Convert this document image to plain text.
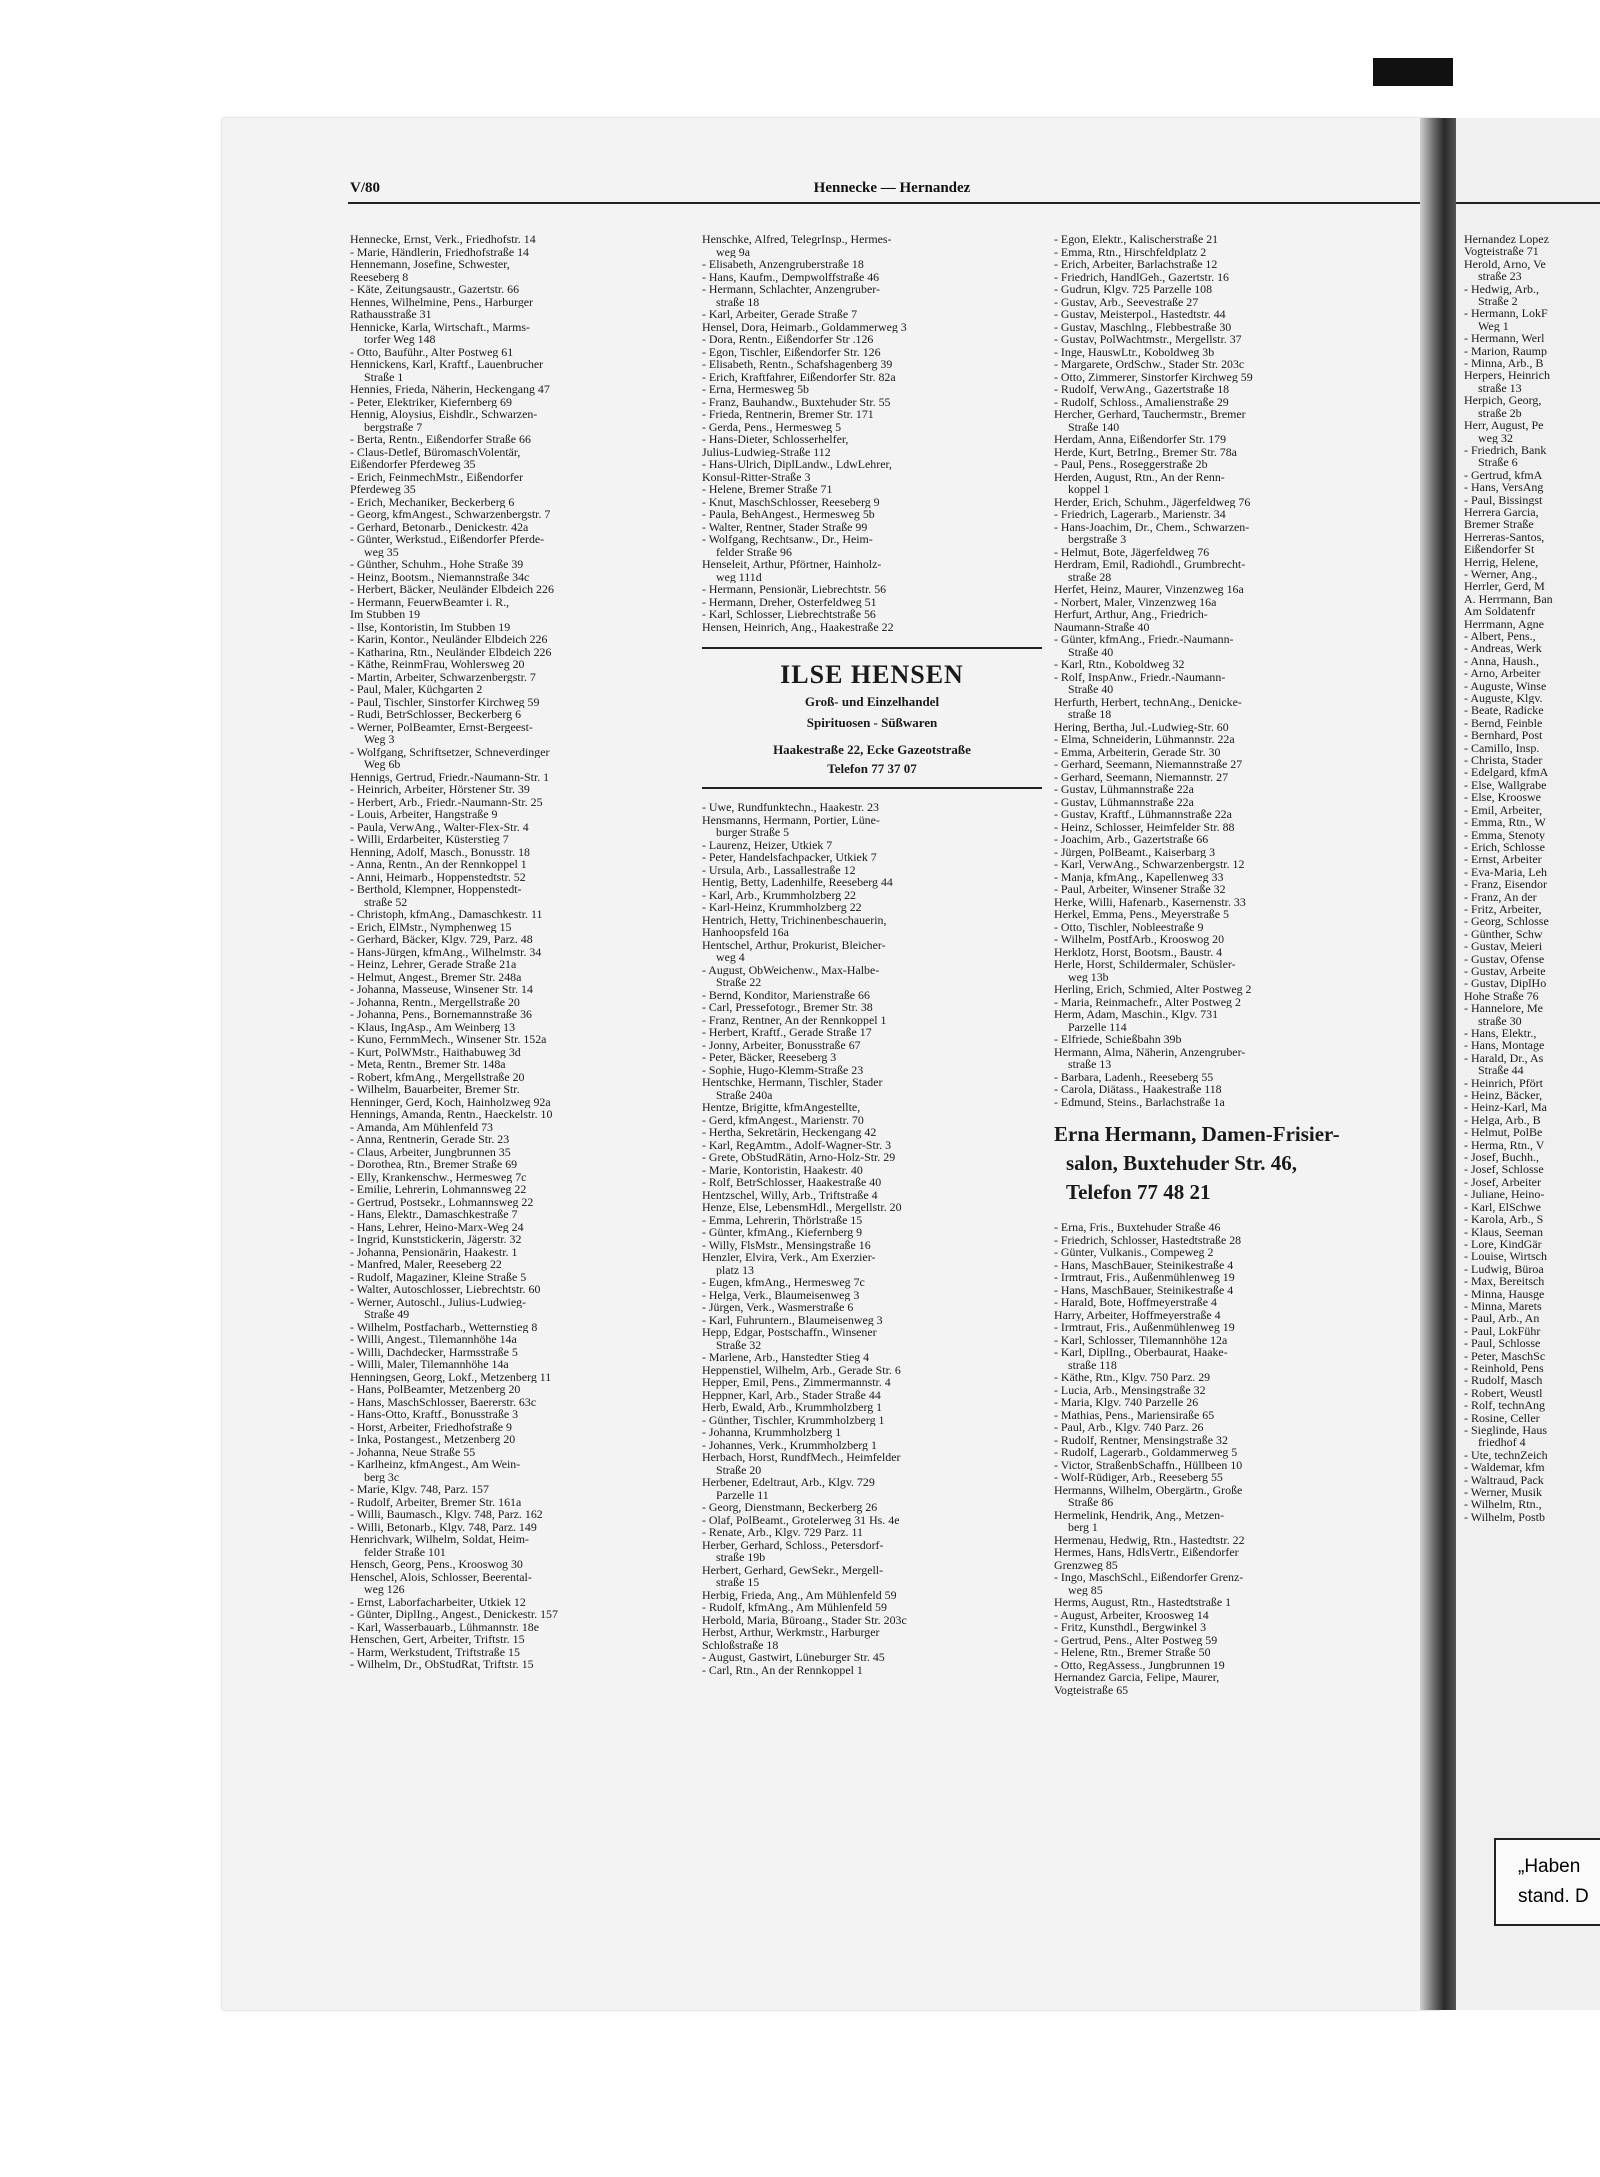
V/80	Hennecke — Hernandez
Hennecke, Ernst, Verk., Friedhofstr. 14
- Marie, Händlerin, Friedhofstraße 14
Hennemann, Josefine, Schwester,
Reeseberg 8
- Käte, Zeitungsaustr., Gazertstr. 66
Hennes, Wilhelmine, Pens., Harburger
Rathausstraße 31
Hennicke, Karla, Wirtschaft., Marms-
torfer Weg 148
- Otto, Bauführ., Alter Postweg 61
Hennickens, Karl, Kraftf., Lauenbrucher
Straße 1
Hennies, Frieda, Näherin, Heckengang 47
- Peter, Elektriker, Kiefernberg 69
Hennig, Aloysius, Eishdlr., Schwarzen-
bergstraße 7
- Berta, Rentn., Eißendorfer Straße 66
- Claus-Detlef, BüromaschVolentär,
Eißendorfer Pferdeweg 35
- Erich, FeinmechMstr., Eißendorfer
Pferdeweg 35
- Erich, Mechaniker, Beckerberg 6
- Georg, kfmAngest., Schwarzenbergstr. 7
- Gerhard, Betonarb., Denickestr. 42a
- Günter, Werkstud., Eißendorfer Pferde-
weg 35
- Günther, Schuhm., Hohe Straße 39
- Heinz, Bootsm., Niemannstraße 34c
- Herbert, Bäcker, Neuländer Elbdeich 226
- Hermann, FeuerwBeamter i. R.,
Im Stubben 19
- Ilse, Kontoristin, Im Stubben 19
- Karin, Kontor., Neuländer Elbdeich 226
- Katharina, Rtn., Neuländer Elbdeich 226
- Käthe, ReinmFrau, Wohlersweg 20
- Martin, Arbeiter, Schwarzenbergstr. 7
- Paul, Maler, Küchgarten 2
- Paul, Tischler, Sinstorfer Kirchweg 59
- Rudi, BetrSchlosser, Beckerberg 6
- Werner, PolBeamter, Ernst-Bergeest-
Weg 3
- Wolfgang, Schriftsetzer, Schneverdinger
Weg 6b
Hennigs, Gertrud, Friedr.-Naumann-Str. 1
- Heinrich, Arbeiter, Hörstener Str. 39
- Herbert, Arb., Friedr.-Naumann-Str. 25
- Louis, Arbeiter, Hangstraße 9
- Paula, VerwAng., Walter-Flex-Str. 4
- Willi, Erdarbeiter, Küsterstieg 7
Henning, Adolf, Masch., Bonusstr. 18
- Anna, Rentn., An der Rennkoppel 1
- Anni, Heimarb., Hoppenstedtstr. 52
- Berthold, Klempner, Hoppenstedt-
straße 52
- Christoph, kfmAng., Damaschkestr. 11
- Erich, ElMstr., Nymphenweg 15
- Gerhard, Bäcker, Klgv. 729, Parz. 48
- Hans-Jürgen, kfmAng., Wilhelmstr. 34
- Heinz, Lehrer, Gerade Straße 21a
- Helmut, Angest., Bremer Str. 248a
- Johanna, Masseuse, Winsener Str. 14
- Johanna, Rentn., Mergellstraße 20
- Johanna, Pens., Bornemannstraße 36
- Klaus, IngAsp., Am Weinberg 13
- Kuno, FernmMech., Winsener Str. 152a
- Kurt, PolWMstr., Haithabuweg 3d
- Meta, Rentn., Bremer Str. 148a
- Robert, kfmAng., Mergellstraße 20
- Wilhelm, Bauarbeiter, Bremer Str.
Henninger, Gerd, Koch, Hainholzweg 92a
Hennings, Amanda, Rentn., Haeckelstr. 10
- Amanda, Am Mühlenfeld 73
- Anna, Rentnerin, Gerade Str. 23
- Claus, Arbeiter, Jungbrunnen 35
- Dorothea, Rtn., Bremer Straße 69
- Elly, Krankenschw., Hermesweg 7c
- Emilie, Lehrerin, Lohmannsweg 22
- Gertrud, Postsekr., Lohmannsweg 22
- Hans, Elektr., Damaschkestraße 7
- Hans, Lehrer, Heino-Marx-Weg 24
- Ingrid, Kunststickerin, Jägerstr. 32
- Johanna, Pensionärin, Haakestr. 1
- Manfred, Maler, Reeseberg 22
- Rudolf, Magaziner, Kleine Straße 5
- Walter, Autoschlosser, Liebrechtstr. 60
- Werner, Autoschl., Julius-Ludwieg-
Straße 49
- Wilhelm, Postfacharb., Wetternstieg 8
- Willi, Angest., Tilemannhöhe 14a
- Willi, Dachdecker, Harmsstraße 5
- Willi, Maler, Tilemannhöhe 14a
Henningsen, Georg, Lokf., Metzenberg 11
- Hans, PolBeamter, Metzenberg 20
- Hans, MaschSchlosser, Baererstr. 63c
- Hans-Otto, Kraftf., Bonusstraße 3
- Horst, Arbeiter, Friedhofstraße 9
- Inka, Postangest., Metzenberg 20
- Johanna, Neue Straße 55
- Karlheinz, kfmAngest., Am Wein-
berg 3c
- Marie, Klgv. 748, Parz. 157
- Rudolf, Arbeiter, Bremer Str. 161a
- Willi, Baumasch., Klgv. 748, Parz. 162
- Willi, Betonarb., Klgv. 748, Parz. 149
Henrichvark, Wilhelm, Soldat, Heim-
felder Straße 101
Hensch, Georg, Pens., Krooswog 30
Henschel, Alois, Schlosser, Beerental-
weg 126
- Ernst, Laborfacharbeiter, Utkiek 12
- Günter, DiplIng., Angest., Denickestr. 157
- Karl, Wasserbauarb., Lühmannstr. 18e
Henschen, Gert, Arbeiter, Triftstr. 15
- Harm, Werkstudent, Triftstraße 15
- Wilhelm, Dr., ObStudRat, Triftstr. 15
Henschke, Alfred, TelegrInsp., Hermes-
weg 9a
- Elisabeth, Anzengruberstraße 18
- Hans, Kaufm., Dempwolffstraße 46
- Hermann, Schlachter, Anzengruber-
straße 18
- Karl, Arbeiter, Gerade Straße 7
Hensel, Dora, Heimarb., Goldammerweg 3
- Dora, Rentn., Eißendorfer Str .126
- Egon, Tischler, Eißendorfer Str. 126
- Elisabeth, Rentn., Schafshagenberg 39
- Erich, Kraftfahrer, Eißendorfer Str. 82a
- Erna, Hermesweg 5b
- Franz, Bauhandw., Buxtehuder Str. 55
- Frieda, Rentnerin, Bremer Str. 171
- Gerda, Pens., Hermesweg 5
- Hans-Dieter, Schlosserhelfer,
Julius-Ludwieg-Straße 112
- Hans-Ulrich, DiplLandw., LdwLehrer,
Konsul-Ritter-Straße 3
- Helene, Bremer Straße 71
- Knut, MaschSchlosser, Reeseberg 9
- Paula, BehAngest., Hermesweg 5b
- Walter, Rentner, Stader Straße 99
- Wolfgang, Rechtsanw., Dr., Heim-
felder Straße 96
Henseleit, Arthur, Pförtner, Hainholz-
weg 111d
- Hermann, Pensionär, Liebrechtstr. 56
- Hermann, Dreher, Osterfeldweg 51
- Karl, Schlosser, Liebrechtstraße 56
Hensen, Heinrich, Ang., Haakestraße 22
ILSE HENSEN
Groß- und Einzelhandel
Spirituosen - Süßwaren
Haakestraße 22, Ecke Gazeotstraße
Telefon 77 37 07
- Uwe, Rundfunktechn., Haakestr. 23
Hensmanns, Hermann, Portier, Lüne-
burger Straße 5
- Laurenz, Heizer, Utkiek 7
- Peter, Handelsfachpacker, Utkiek 7
- Ursula, Arb., Lassallestraße 12
Hentig, Betty, Ladenhilfe, Reeseberg 44
- Karl, Arb., Krummholzberg 22
- Karl-Heinz, Krummholzberg 22
Hentrich, Hetty, Trichinenbeschauerin,
Hanhoopsfeld 16a
Hentschel, Arthur, Prokurist, Bleicher-
weg 4
- August, ObWeichenw., Max-Halbe-
Straße 22
- Bernd, Konditor, Marienstraße 66
- Carl, Pressefotogr., Bremer Str. 38
- Franz, Rentner, An der Rennkoppel 1
- Herbert, Kraftf., Gerade Straße 17
- Jonny, Arbeiter, Bonusstraße 67
- Peter, Bäcker, Reeseberg 3
- Sophie, Hugo-Klemm-Straße 23
Hentschke, Hermann, Tischler, Stader
Straße 240a
Hentze, Brigitte, kfmAngestellte,
- Gerd, kfmAngest., Marienstr. 70
- Hertha, Sekretärin, Heckengang 42
- Karl, RegAmtm., Adolf-Wagner-Str. 3
- Grete, ObStudRätin, Arno-Holz-Str. 29
- Marie, Kontoristin, Haakestr. 40
- Rolf, BetrSchlosser, Haakestraße 40
Hentzschel, Willy, Arb., Triftstraße 4
Henze, Else, LebensmHdl., Mergellstr. 20
- Emma, Lehrerin, Thörlstraße 15
- Günter, kfmAng., Kiefernberg 9
- Willy, FlsMstr., Mensingstraße 16
Henzler, Elvira, Verk., Am Exerzier-
platz 13
- Eugen, kfmAng., Hermesweg 7c
- Helga, Verk., Blaumeisenweg 3
- Jürgen, Verk., Wasmerstraße 6
- Karl, Fuhruntern., Blaumeisenweg 3
Hepp, Edgar, Postschaffn., Winsener
Straße 32
- Marlene, Arb., Hanstedter Stieg 4
Heppenstiel, Wilhelm, Arb., Gerade Str. 6
Hepper, Emil, Pens., Zimmermannstr. 4
Heppner, Karl, Arb., Stader Straße 44
Herb, Ewald, Arb., Krummholzberg 1
- Günther, Tischler, Krummholzberg 1
- Johanna, Krummholzberg 1
- Johannes, Verk., Krummholzberg 1
Herbach, Horst, RundfMech., Heimfelder
Straße 20
Herbener, Edeltraut, Arb., Klgv. 729
Parzelle 11
- Georg, Dienstmann, Beckerberg 26
- Olaf, PolBeamt., Grotelerweg 31 Hs. 4e
- Renate, Arb., Klgv. 729 Parz. 11
Herber, Gerhard, Schloss., Petersdorf-
straße 19b
Herbert, Gerhard, GewSekr., Mergell-
straße 15
Herbig, Frieda, Ang., Am Mühlenfeld 59
- Rudolf, kfmAng., Am Mühlenfeld 59
Herbold, Maria, Büroang., Stader Str. 203c
Herbst, Arthur, Werkmstr., Harburger
Schloßstraße 18
- August, Gastwirt, Lüneburger Str. 45
- Carl, Rtn., An der Rennkoppel 1
- Egon, Elektr., Kalischerstraße 21
- Emma, Rtn., Hirschfeldplatz 2
- Erich, Arbeiter, Barlachstraße 12
- Friedrich, HandlGeh., Gazertstr. 16
- Gudrun, Klgv. 725 Parzelle 108
- Gustav, Arb., Seevestraße 27
- Gustav, Meisterpol., Hastedtstr. 44
- Gustav, Maschlng., Flebbestraße 30
- Gustav, PolWachtmstr., Mergellstr. 37
- Inge, HauswLtr., Koboldweg 3b
- Margarete, OrdSchw., Stader Str. 203c
- Otto, Zimmerer, Sinstorfer Kirchweg 59
- Rudolf, VerwAng., Gazertstraße 18
- Rudolf, Schloss., Amalienstraße 29
Hercher, Gerhard, Tauchermstr., Bremer
Straße 140
Herdam, Anna, Eißendorfer Str. 179
Herde, Kurt, BetrIng., Bremer Str. 78a
- Paul, Pens., Roseggerstraße 2b
Herden, August, Rtn., An der Renn-
koppel 1
Herder, Erich, Schuhm., Jägerfeldweg 76
- Friedrich, Lagerarb., Marienstr. 34
- Hans-Joachim, Dr., Chem., Schwarzen-
bergstraße 3
- Helmut, Bote, Jägerfeldweg 76
Herdram, Emil, Radiohdl., Grumbrecht-
straße 28
Herfet, Heinz, Maurer, Vinzenzweg 16a
- Norbert, Maler, Vinzenzweg 16a
Herfurt, Arthur, Ang., Friedrich-
Naumann-Straße 40
- Günter, kfmAng., Friedr.-Naumann-
Straße 40
- Karl, Rtn., Koboldweg 32
- Rolf, InspAnw., Friedr.-Naumann-
Straße 40
Herfurth, Herbert, technAng., Denicke-
straße 18
Hering, Bertha, Jul.-Ludwieg-Str. 60
- Elma, Schneiderin, Lühmannstr. 22a
- Emma, Arbeiterin, Gerade Str. 30
- Gerhard, Seemann, Niemannstraße 27
- Gerhard, Seemann, Niemannstr. 27
- Gustav, Lühmannstraße 22a
- Gustav, Lühmannstraße 22a
- Gustav, Kraftf., Lühmannstraße 22a
- Heinz, Schlosser, Heimfelder Str. 88
- Joachim, Arb., Gazertstraße 66
- Jürgen, PolBeamt., Kaiserbarg 3
- Karl, VerwAng., Schwarzenbergstr. 12
- Manja, kfmAng., Kapellenweg 33
- Paul, Arbeiter, Winsener Straße 32
Herke, Willi, Hafenarb., Kasernenstr. 33
Herkel, Emma, Pens., Meyerstraße 5
- Otto, Tischler, Nobleestraße 9
- Wilhelm, PostfArb., Krooswog 20
Herklotz, Horst, Bootsm., Baustr. 4
Herle, Horst, Schildermaler, Schüsler-
weg 13b
Herling, Erich, Schmied, Alter Postweg 2
- Maria, Reinmachefr., Alter Postweg 2
Herm, Adam, Maschin., Klgv. 731
Parzelle 114
- Elfriede, Schießbahn 39b
Hermann, Alma, Näherin, Anzengruber-
straße 13
- Barbara, Ladenh., Reeseberg 55
- Carola, Diätass., Haakestraße 118
- Edmund, Steins., Barlachstraße 1a
Erna Hermann, Damen-Frisier-
salon, Buxtehuder Str. 46,
Telefon 77 48 21
- Erna, Fris., Buxtehuder Straße 46
- Friedrich, Schlosser, Hastedtstraße 28
- Günter, Vulkanis., Compeweg 2
- Hans, MaschBauer, Steinikestraße 4
- Irmtraut, Fris., Außenmühlenweg 19
- Hans, MaschBauer, Steinikestraße 4
- Harald, Bote, Hoffmeyerstraße 4
Harry, Arbeiter, Hoffmeyerstraße 4
- Irmtraut, Fris., Außenmühlenweg 19
- Karl, Schlosser, Tilemannhöhe 12a
- Karl, DiplIng., Oberbaurat, Haake-
straße 118
- Käthe, Rtn., Klgv. 750 Parz. 29
- Lucia, Arb., Mensingstraße 32
- Maria, Klgv. 740 Parzelle 26
- Mathias, Pens., Mariensiraße 65
- Paul, Arb., Klgv. 740 Parz. 26
- Rudolf, Rentner, Mensingstraße 32
- Rudolf, Lagerarb., Goldammerweg 5
- Victor, StraßenbSchaffn., Hüllbeen 10
- Wolf-Rüdiger, Arb., Reeseberg 55
Hermanns, Wilhelm, Obergärtn., Große
Straße 86
Hermelink, Hendrik, Ang., Metzen-
berg 1
Hermenau, Hedwig, Rtn., Hastedtstr. 22
Hermes, Hans, HdlsVertr., Eißendorfer
Grenzweg 85
- Ingo, MaschSchl., Eißendorfer Grenz-
weg 85
Herms, August, Rtn., Hastedtstraße 1
- August, Arbeiter, Kroosweg 14
- Fritz, Kunsthdl., Bergwinkel 3
- Gertrud, Pens., Alter Postweg 59
- Helene, Rtn., Bremer Straße 50
- Otto, RegAssess., Jungbrunnen 19
Hernandez Garcia, Felipe, Maurer,
Vogteistraße 65
Hernandez Lopez
Vogteistraße 71
Herold, Arno, Ve
straße 23
- Hedwig, Arb.,
Straße 2
- Hermann, LokF
Weg 1
- Hermann, Werl
- Marion, Raump
- Minna, Arb., B
Herpers, Heinrich
straße 13
Herpich, Georg,
straße 2b
Herr, August, Pe
weg 32
- Friedrich, Bank
Straße 6
- Gertrud, kfmA
- Hans, VersAng
- Paul, Bissingst
Herrera Garcia,
Bremer Straße
Herreras-Santos,
Eißendorfer St
Herrig, Helene,
- Werner, Ang.,
Herrler, Gerd, M
A. Herrmann, Ban
Am Soldatenfr
Herrmann, Agne
- Albert, Pens.,
- Andreas, Werk
- Anna, Haush.,
- Arno, Arbeiter
- Auguste, Winse
- Auguste, Klgv.
- Beate, Radicke
- Bernd, Feinble
- Bernhard, Post
- Camillo, Insp.
- Christa, Stader
- Edelgard, kfmA
- Else, Wallgrabe
- Else, Krooswe
- Emil, Arbeiter,
- Emma, Rtn., W
- Emma, Stenoty
- Erich, Schlosse
- Ernst, Arbeiter
- Eva-Maria, Leh
- Franz, Eisendor
- Franz, An der
- Fritz, Arbeiter,
- Georg, Schlosse
- Günther, Schw
- Gustav, Meieri
- Gustav, Ofense
- Gustav, Arbeite
- Gustav, DiplHo
Hohe Straße 76
- Hannelore, Me
straße 30
- Hans, Elektr.,
- Hans, Montage
- Harald, Dr., As
Straße 44
- Heinrich, Pfört
- Heinz, Bäcker,
- Heinz-Karl, Ma
- Helga, Arb., B
- Helmut, PolBe
- Herma, Rtn., V
- Josef, Buchh.,
- Josef, Schlosse
- Josef, Arbeiter
- Juliane, Heino-
- Karl, ElSchwe
- Karola, Arb., S
- Klaus, Seeman
- Lore, KindGär
- Louise, Wirtsch
- Ludwig, Büroa
- Max, Bereitsch
- Minna, Hausge
- Minna, Marets
- Paul, Arb., An
- Paul, LokFühr
- Paul, Schlosse
- Peter, MaschSc
- Reinhold, Pens
- Rudolf, Masch
- Robert, Weustl
- Rolf, technAng
- Rosine, Celler
- Sieglinde, Haus
friedhof 4
- Ute, technZeich
- Waldemar, kfm
- Waltraud, Pack
- Werner, Musik
- Wilhelm, Rtn.,
- Wilhelm, Postb
„Haben
stand. D
